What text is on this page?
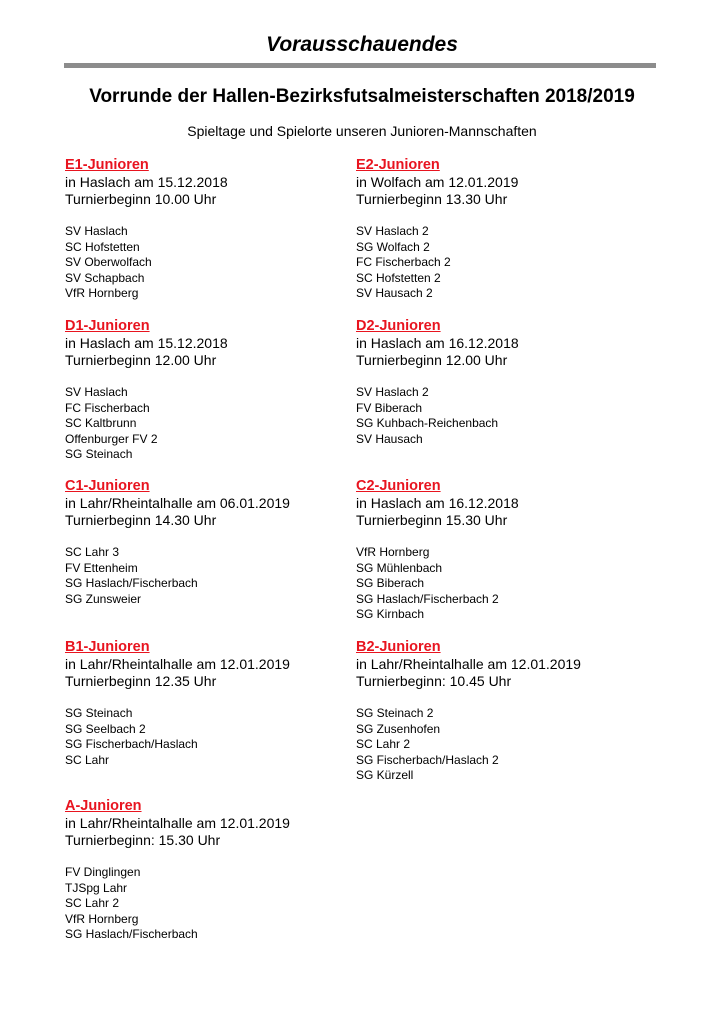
Vorausschauendes
Vorrunde der Hallen-Bezirksfutsalmeisterschaften 2018/2019
Spieltage und Spielorte unseren Junioren-Mannschaften
E1-Junioren
in Haslach am 15.12.2018
Turnierbeginn 10.00 Uhr
SV Haslach
SC Hofstetten
SV Oberwolfach
SV Schapbach
VfR Hornberg
E2-Junioren
in Wolfach am 12.01.2019
Turnierbeginn 13.30 Uhr
SV Haslach 2
SG Wolfach 2
FC Fischerbach 2
SC Hofstetten 2
SV Hausach 2
D1-Junioren
in Haslach am 15.12.2018
Turnierbeginn 12.00 Uhr
SV Haslach
FC Fischerbach
SC Kaltbrunn
Offenburger FV 2
SG Steinach
D2-Junioren
in Haslach am 16.12.2018
Turnierbeginn 12.00 Uhr
SV Haslach 2
FV Biberach
SG Kuhbach-Reichenbach
SV Hausach
C1-Junioren
in Lahr/Rheintalhalle am 06.01.2019
Turnierbeginn 14.30 Uhr
SC Lahr 3
FV Ettenheim
SG Haslach/Fischerbach
SG Zunsweier
C2-Junioren
in Haslach am 16.12.2018
Turnierbeginn 15.30 Uhr
VfR Hornberg
SG Mühlenbach
SG Biberach
SG Haslach/Fischerbach 2
SG Kirnbach
B1-Junioren
in Lahr/Rheintalhalle am 12.01.2019
Turnierbeginn 12.35 Uhr
SG Steinach
SG Seelbach 2
SG Fischerbach/Haslach
SC Lahr
B2-Junioren
in Lahr/Rheintalhalle am 12.01.2019
Turnierbeginn: 10.45 Uhr
SG Steinach 2
SG Zusenhofen
SC Lahr 2
SG Fischerbach/Haslach 2
SG Kürzell
A-Junioren
in Lahr/Rheintalhalle am 12.01.2019
Turnierbeginn: 15.30 Uhr
FV Dinglingen
TJSpg Lahr
SC Lahr 2
VfR Hornberg
SG Haslach/Fischerbach
